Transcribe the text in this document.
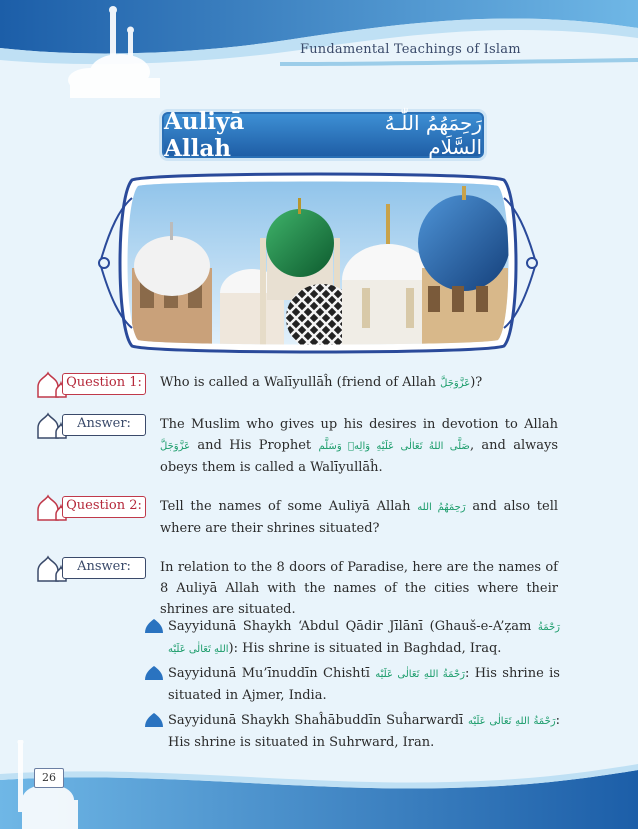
Fundamental Teachings of Islam
Auliyā Allah
رَحِمَهُمُ اللّٰـهُ السَّلَام
Question 1: Who is called a Walīyullāĥ (friend of Allah عَزَّوَجَلَّ)?
Answer:	The Muslim who gives up his desires in devotion to Allah عَزَّوَجَلَّ and His Prophet صَلَّى اللهُ تَعَالٰى عَلَيْهِ وَالِهٖ وَسَلَّم, and always obeys them is called a Walīyullāĥ.
Question 2: Tell the names of some Auliyā Allah رَحِمَهُمُ الله and also tell where are their shrines situated?
Answer:	In relation to the 8 doors of Paradise, here are the names of 8 Auliyā Allah with the names of the cities where their shrines are situated.
Sayyidunā Shaykh ‘Abdul Qādir Jīlānī (Ghauš-e-A’ẓam رَحْمَةُ اللهِ تَعَالٰى عَلَيْه): His shrine is situated in Baghdad, Iraq.
Sayyidunā Mu’īnuddīn Chishtī رَحْمَةُ اللهِ تَعَالٰى عَلَيْه: His shrine is situated in Ajmer, India.
Sayyidunā Shaykh Shaĥābuddīn Suĥarwardī رَحْمَةُ اللهِ تَعَالٰى عَلَيْه: His shrine is situated in Suhrward, Iran.
26
